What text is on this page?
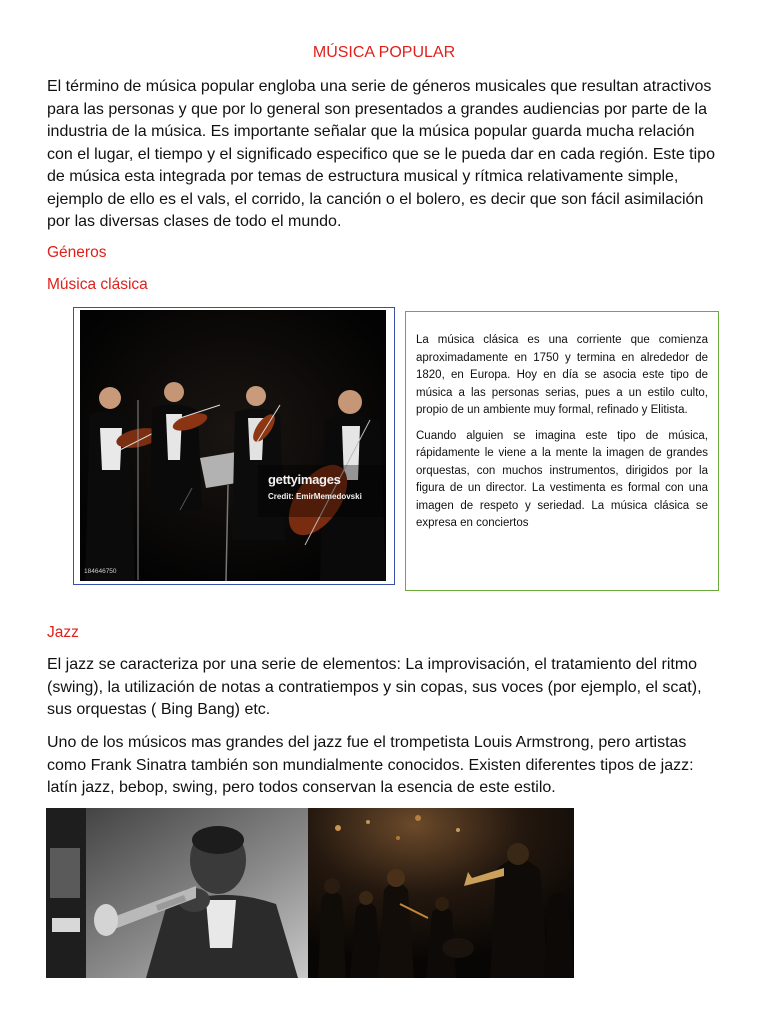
MÚSICA POPULAR

El término de música popular engloba una serie de géneros musicales que resultan atractivos para las personas y que por lo general son presentados a grandes audiencias por parte de la industria de la música. Es importante señalar que la música popular guarda mucha relación con el lugar, el tiempo y el significado especifico que se le pueda dar en cada región. Este tipo de música esta integrada por temas de estructura musical y rítmica relativamente simple, ejemplo de ello es el vals, el corrido, la canción o el bolero, es decir que son fácil asimilación por las diversas clases de todo el mundo.

Géneros
Música clásica
gettyimages
Credit: EmirMemedovski
184646750

La música clásica es una corriente que comienza aproximadamente en 1750 y termina en alrededor de 1820, en Europa. Hoy en día se asocia este tipo de música a las personas serias, pues a un estilo culto, propio de un ambiente muy formal, refinado y Elitista.

Cuando alguien se imagina este tipo de música, rápidamente le viene a la mente la imagen de grandes orquestas, con muchos instrumentos, dirigidos por la figura de un director. La vestimenta es formal con una imagen de respeto y seriedad. La música clásica se expresa en conciertos

Jazz

El jazz se caracteriza por una serie de elementos: La improvisación, el tratamiento del ritmo (swing), la utilización de notas a contratiempos y sin copas, sus voces (por ejemplo, el scat), sus orquestas ( Bing Bang) etc.

Uno de los músicos mas grandes del jazz fue el trompetista Louis Armstrong, pero artistas como Frank Sinatra también son mundialmente conocidos. Existen diferentes tipos de jazz: latín jazz, bebop, swing, pero todos conservan la esencia de este estilo.
